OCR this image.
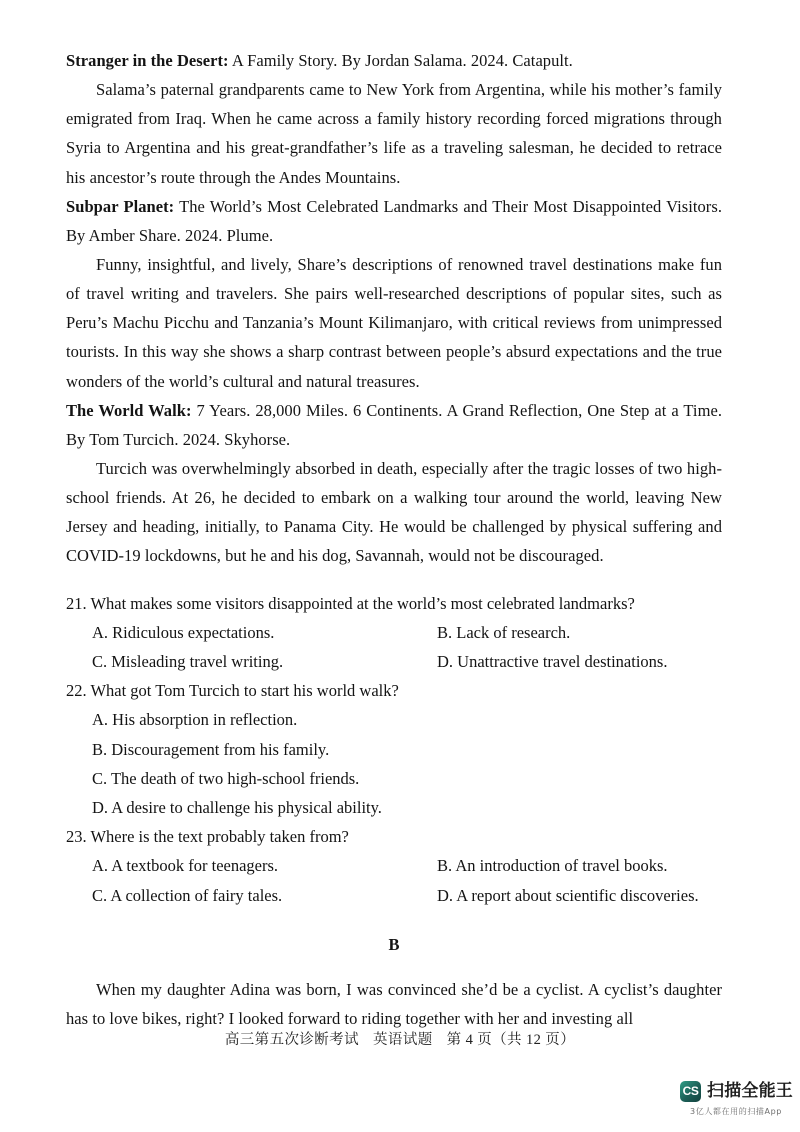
Stranger in the Desert: A Family Story. By Jordan Salama. 2024. Catapult.

Salama’s paternal grandparents came to New York from Argentina, while his mother’s family emigrated from Iraq. When he came across a family history recording forced migrations through Syria to Argentina and his great-grandfather’s life as a traveling salesman, he decided to retrace his ancestor’s route through the Andes Mountains.

Subpar Planet: The World’s Most Celebrated Landmarks and Their Most Disappointed Visitors. By Amber Share. 2024. Plume.

Funny, insightful, and lively, Share’s descriptions of renowned travel destinations make fun of travel writing and travelers. She pairs well-researched descriptions of popular sites, such as Peru’s Machu Picchu and Tanzania’s Mount Kilimanjaro, with critical reviews from unimpressed tourists. In this way she shows a sharp contrast between people’s absurd expectations and the true wonders of the world’s cultural and natural treasures.

The World Walk: 7 Years. 28,000 Miles. 6 Continents. A Grand Reflection, One Step at a Time. By Tom Turcich. 2024. Skyhorse.

Turcich was overwhelmingly absorbed in death, especially after the tragic losses of two high-school friends. At 26, he decided to embark on a walking tour around the world, leaving New Jersey and heading, initially, to Panama City. He would be challenged by physical suffering and COVID-19 lockdowns, but he and his dog, Savannah, would not be discouraged.

21. What makes some visitors disappointed at the world’s most celebrated landmarks?

A. Ridiculous expectations.	B. Lack of research.
C. Misleading travel writing.	D. Unattractive travel destinations.

22. What got Tom Turcich to start his world walk?

A. His absorption in reflection.
B. Discouragement from his family.
C. The death of two high-school friends.
D. A desire to challenge his physical ability.

23. Where is the text probably taken from?

A. A textbook for teenagers.	B. An introduction of travel books.
C. A collection of fairy tales.	D. A report about scientific discoveries.
B

When my daughter Adina was born, I was convinced she’d be a cyclist. A cyclist’s daughter has to love bikes, right? I looked forward to riding together with her and investing all

高三第五次诊断考试 英语试题 第 4 页（共 12 页）
CS 扫描全能王
3亿人都在用的扫描App
